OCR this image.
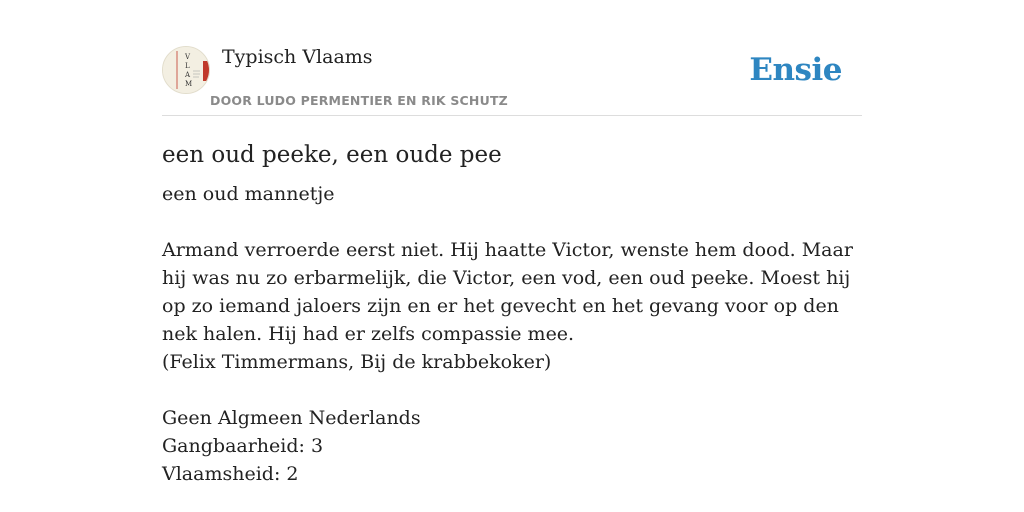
V
L
A
M
Typisch Vlaams
DOOR LUDO PERMENTIER EN RIK SCHUTZ
Ensie
een oud peeke, een oude pee
een oud mannetje
Armand verroerde eerst niet. Hij haatte Victor, wenste hem dood. Maar hij was nu zo erbarmelijk, die Victor, een vod, een oud peeke. Moest hij op zo iemand jaloers zijn en er het gevecht en het gevang voor op den nek halen. Hij had er zelfs compassie mee.
(Felix Timmermans, Bij de krabbekoker)
Geen Algmeen Nederlands
Gangbaarheid: 3
Vlaamsheid: 2
